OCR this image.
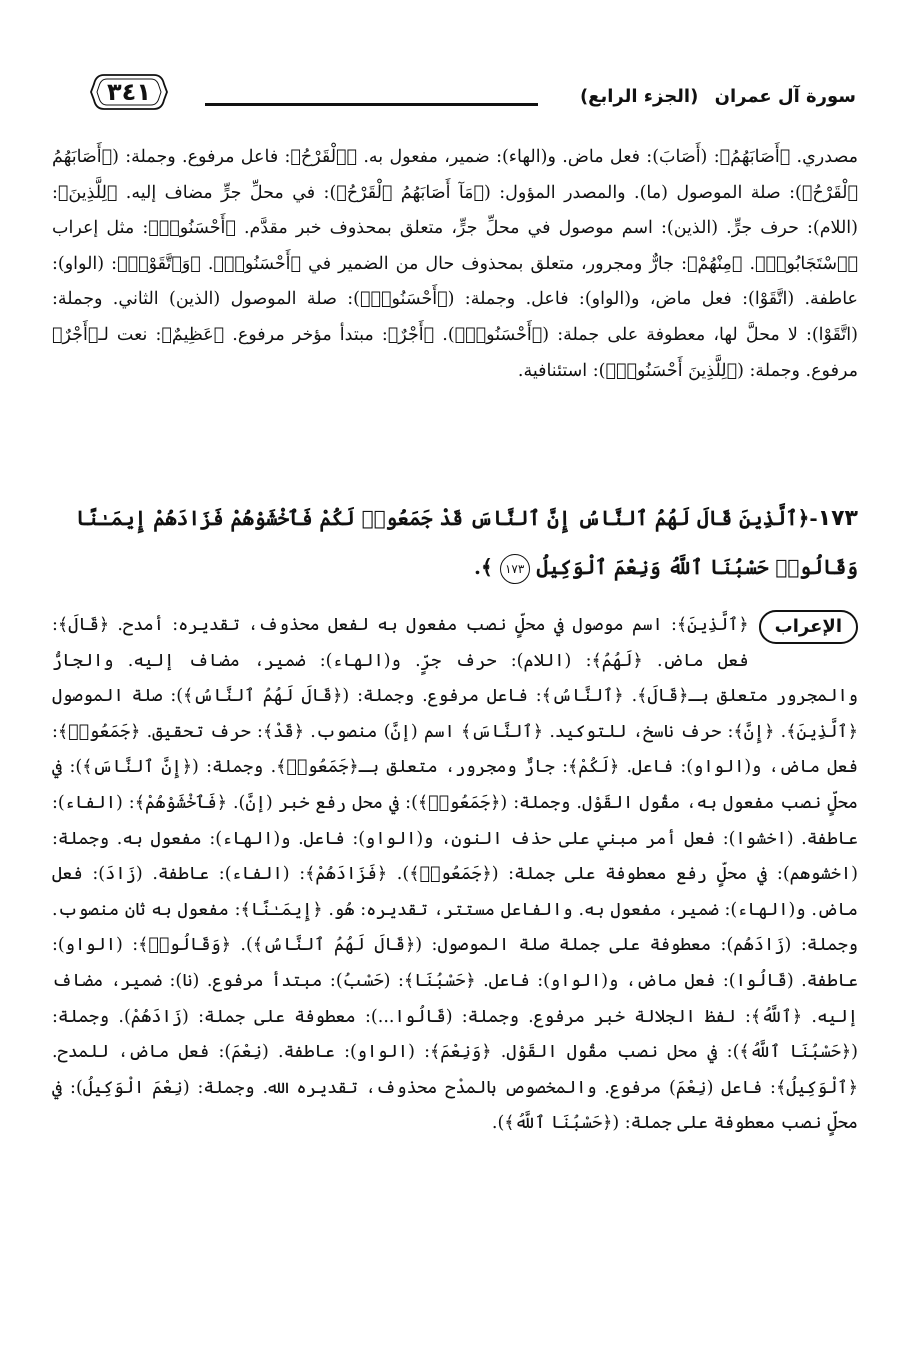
٣٤١	سورة آل عمران (الجزء الرابع)
مصدري. ﴿أَصَابَهُمُ﴾: (أَصَابَ): فعل ماض. و(الهاء): ضمير، مفعول به. ﴿ٱلْقَرْحُ﴾: فاعل مرفوع. وجملة: (﴿أَصَابَهُمُ ٱلْقَرْحُ﴾): صلة الموصول (ما). والمصدر المؤول: (﴿مَآ أَصَابَهُمُ ٱلْقَرْحُ﴾): في محلِّ جرٍّ مضاف إليه. ﴿لِلَّذِينَ﴾: (اللام): حرف جرٍّ. (الذين): اسم موصول في محلِّ جرٍّ، متعلق بمحذوف خبر مقدَّم. ﴿أَحْسَنُوا۟﴾: مثل إعراب ﴿ٱسْتَجَابُوا۟﴾. ﴿مِنْهُمْ﴾: جارٌّ ومجرور، متعلق بمحذوف حال من الضمير في ﴿أَحْسَنُوا۟﴾. ﴿وَٱتَّقَوْا۟﴾: (الواو): عاطفة. (اتَّقَوْا): فعل ماض، و(الواو): فاعل. وجملة: (﴿أَحْسَنُوا۟﴾): صلة الموصول (الذين) الثاني. وجملة: (اتَّقَوْا): لا محلَّ لها، معطوفة على جملة: (﴿أَحْسَنُوا۟﴾). ﴿أَجْرٌ﴾: مبتدأ مؤخر مرفوع. ﴿عَظِيمٌ﴾: نعت لـ﴿أَجْرٌ﴾ مرفوع. وجملة: (﴿لِلَّذِينَ أَحْسَنُوا۟﴾): استئنافية.
١٧٣-﴿ٱلَّذِينَ قَالَ لَهُمُ ٱلنَّاسُ إِنَّ ٱلنَّاسَ قَدْ جَمَعُوا۟ لَكُمْ فَٱخْشَوْهُمْ فَزَادَهُمْ إِيمَـٰنًا وَقَالُوا۟ حَسْبُنَا ٱللَّهُ وَنِعْمَ ٱلْوَكِيلُ ١٧٣ ﴾.
الإعراب
﴿ٱلَّذِينَ﴾: اسم موصول في محلٍّ نصب مفعول به لفعل محذوف، تقديره: أمدح. ﴿قَالَ﴾: فعل ماض. ﴿لَهُمُ﴾: (اللام): حرف جرٍّ. و(الهاء): ضمير، مضاف إليه. والجارُّ والمجرور متعلق بـ﴿قَالَ﴾. ﴿ٱلنَّاسُ﴾: فاعل مرفوع. وجملة: (﴿قَالَ لَهُمُ ٱلنَّاسُ﴾): صلة الموصول ﴿ٱلَّذِينَ﴾. ﴿إِنَّ﴾: حرف ناسخ، للتوكيد. ﴿ٱلنَّاسَ﴾ اسم (إنَّ) منصوب. ﴿قَدْ﴾: حرف تحقيق. ﴿جَمَعُوا۟﴾: فعل ماض، و(الواو): فاعل. ﴿لَكُمْ﴾: جارٌّ ومجرور، متعلق بـ﴿جَمَعُوا۟﴾. وجملة: (﴿إِنَّ ٱلنَّاسَ﴾): في محلٍّ نصب مفعول به، مقُول القَوْل. وجملة: (﴿جَمَعُوا۟﴾): في محل رفع خبر (إنَّ). ﴿فَٱخْشَوْهُمْ﴾: (الفاء): عاطفة. (اخشوا): فعل أمر مبني على حذف النون، و(الواو): فاعل. و(الهاء): مفعول به. وجملة: (اخشوهم): في محلٍّ رفع معطوفة على جملة: (﴿جَمَعُوا۟﴾). ﴿فَزَادَهُمْ﴾: (الفاء): عاطفة. (زَادَ): فعل ماض. و(الهاء): ضمير، مفعول به. والفاعل مستتر، تقديره: هُو. ﴿إِيمَـٰنًا﴾: مفعول به ثان منصوب. وجملة: (زَادَهُم): معطوفة على جملة صلة الموصول: (﴿قَالَ لَهُمُ ٱلنَّاسُ﴾). ﴿وَقَالُوا۟﴾: (الواو): عاطفة. (قَالُوا): فعل ماض، و(الواو): فاعل. ﴿حَسْبُنَا﴾: (حَسْبُ): مبتدأ مرفوع. (نا): ضمير، مضاف إليه. ﴿ٱللَّهُ﴾: لفظ الجلالة خبر مرفوع. وجملة: (قَالُوا...): معطوفة على جملة: (زَادَهُمْ). وجملة: (﴿حَسْبُنَا ٱللَّهُ﴾): في محل نصب مقُول القَوْل. ﴿وَنِعْمَ﴾: (الواو): عاطفة. (نِعْمَ): فعل ماض، للمدح. ﴿ٱلْوَكِيلُ﴾: فاعل (نِعْمَ) مرفوع. والمخصوص بالمدْح محذوف، تقديره الله. وجملة: (نِعْمَ الْوَكِيلُ): في محلٍّ نصب معطوفة على جملة: (﴿حَسْبُنَا ٱللَّهُ﴾).
